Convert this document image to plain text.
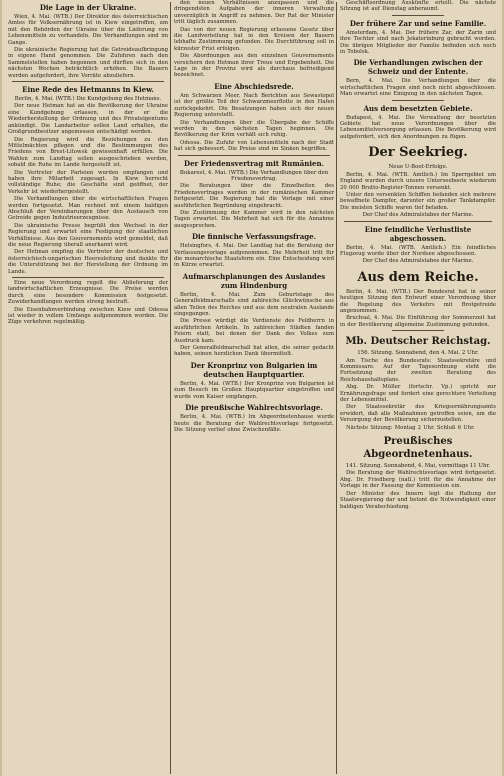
Die Lage in der Ukraine.

Wien, 4. Mai. (WTB.) Der Direktor des österreichischen Amtes für Volksernährung ist in Kiew eingetroffen, um mit den Behörden der Ukraine über die Lieferung von Lebensmitteln zu verhandeln. Die Verhandlungen sind im Gange.

Die ukrainische Regierung hat die Getreideaufbringung in eigene Hand genommen. Die Zufuhren nach den Sammelstellen haben begonnen und dürften sich in den nächsten Wochen beträchtlich erhöhen. Die Bauern werden aufgefordert, ihre Vorräte abzuliefern.

Eine Rede des Hetmanns in Kiew.
Berlin, 4. Mai. (WTB.) Die Kundgebung des Hetmans.

Der neue Hetman hat an die Bevölkerung der Ukraine eine Kundgebung erlassen, in der er die Wiederherstellung der Ordnung und des Privateigentums ankündigt. Die Landarbeiter sollen Land erhalten, die Großgrundbesitzer angemessen entschädigt werden.

Die Regierung wird die Beziehungen zu den Mittelmächten pflegen und die Bestimmungen des Friedens von Brest-Litowsk gewissenhaft erfüllen. Die Wahlen zum Landtag sollen ausgeschrieben werden, sobald die Ruhe im Lande hergestellt ist.

Die Vertreter der Parteien wurden empfangen und haben ihre Mitarbeit zugesagt. In Kiew herrscht vollständige Ruhe; die Geschäfte sind geöffnet, der Verkehr ist wiederhergestellt.

Die Verhandlungen über die wirtschaftlichen Fragen werden fortgesetzt. Man rechnet mit einem baldigen Abschluß der Vereinbarungen über den Austausch von Getreide gegen Industrieerzeugnisse.

Die ukrainische Presse begrüßt den Wechsel in der Regierung und erwartet eine Festigung der staatlichen Verhältnisse. Aus den Gouvernements wird gemeldet, daß die neue Regierung überall anerkannt wird.

Der Hetman empfing die Vertreter der deutschen und österreichisch-ungarischen Heeresleitung und dankte für die Unterstützung bei der Herstellung der Ordnung im Lande.

Eine neue Verordnung regelt die Ablieferung der landwirtschaftlichen Erzeugnisse. Die Preise werden durch eine besondere Kommission festgesetzt. Zuwiderhandlungen werden streng bestraft.

Die Eisenbahnverbindung zwischen Kiew und Odessa ist wieder in vollem Umfange aufgenommen worden. Die Züge verkehren regelmäßig.

den neuen Verhältnissen anzupassen und die dringendsten Aufgaben der inneren Verwaltung unverzüglich in Angriff zu nehmen. Der Rat der Minister tritt täglich zusammen.

Das von der neuen Regierung erlassene Gesetz über die Landverteilung hat in den Kreisen der Bauern lebhafte Zustimmung gefunden. Die Durchführung soll in kürzester Frist erfolgen.

Die Abordnungen aus den einzelnen Gouvernements versichern den Hetman ihrer Treue und Ergebenheit. Die Lage in der Provinz wird als durchaus befriedigend bezeichnet.

Eine Abschiedsrede.

Am Schwarzen Meer. Nach Berichten aus Sewastopol ist der größte Teil der Schwarzmeerflotte in den Hafen zurückgekehrt. Die Besatzungen haben sich der neuen Regierung unterstellt.

Die Verhandlungen über die Übergabe der Schiffe werden in den nächsten Tagen beginnen. Die Bevölkerung der Krim verhält sich ruhig.

Odessa. Die Zufuhr von Lebensmitteln nach der Stadt hat sich gebessert. Die Preise sind im Sinken begriffen.

Der Friedensvertrag mit Rumänien.
Bukarest, 4. Mai. (WTB.) Die Verhandlungen über den Friedensvertrag.

Die Beratungen über die Einzelheiten des Friedensvertrages werden in der rumänischen Kammer fortgesetzt. Die Regierung hat die Vorlage mit einer ausführlichen Begründung eingebracht.

Die Zustimmung der Kammer wird in den nächsten Tagen erwartet. Die Mehrheit hat sich für die Annahme ausgesprochen.

Die finnische Verfassungsfrage.

Helsingfors, 4. Mai. Der Landtag hat die Beratung der Verfassungsvorlage aufgenommen. Die Mehrheit tritt für die monarchische Staatsform ein. Eine Entscheidung wird in Kürze erwartet.

Aufmarschplanungen des Auslandes zum Hindenburg

Berlin, 4. Mai. Zum Geburtstage des Generalfeldmarschalls sind zahlreiche Glückwünsche aus allen Teilen des Reiches und aus dem neutralen Auslande eingegangen.

Die Presse würdigt die Verdienste des Feldherrn in ausführlichen Artikeln. In zahlreichen Städten fanden Feiern statt, bei denen der Dank des Volkes zum Ausdruck kam.

Der Generalfeldmarschall hat allen, die seiner gedacht haben, seinen herzlichen Dank übermittelt.

Der Kronprinz von Bulgarien im deutschen Hauptquartier.

Berlin, 4. Mai. (WTB.) Der Kronprinz von Bulgarien ist zum Besuch im Großen Hauptquartier eingetroffen und wurde vom Kaiser empfangen.

Die preußische Wahlrechtsvorlage.

Berlin, 4. Mai. (WTB.) Im Abgeordnetenhause wurde heute die Beratung der Wahlrechtsvorlage fortgesetzt. Die Sitzung verlief ohne Zwischenfälle.

Geschäftsordnung Auskünfte erteilt. Die nächste Sitzung ist auf Dienstag anberaumt.

Der frühere Zar und seine Familie.

Amsterdam, 4. Mai. Der frühere Zar, der Zarin und ihre Tochter sind nach Jekaterinburg gebracht worden. Die übrigen Mitglieder der Familie befinden sich noch in Tobolsk.

Die Verhandlungen zwischen der Schweiz und der Entente.

Bern, 4. Mai. Die Verhandlungen über die wirtschaftlichen Fragen sind noch nicht abgeschlossen. Man erwartet eine Einigung in den nächsten Tagen.

Aus dem besetzten Gebiete.

Budapest, 4. Mai. Die Verwaltung der besetzten Gebiete hat neue Verordnungen über die Lebensmittelversorgung erlassen. Die Bevölkerung wird aufgefordert, sich den Anordnungen zu fügen.

Der Seekrieg.
Neue U-Boot-Erfolge.

Berlin, 4. Mai. (WTB. Amtlich.) Im Sperrgebiet um England wurden durch unsere Unterseeboote wiederum 20 000 Brutto-Register-Tonnen versenkt.

Unter den versenkten Schiffen befanden sich mehrere bewaffnete Dampfer, darunter ein großer Tankdampfer. Die meisten Schiffe waren tief beladen.

Der Chef des Admiralstabes der Marine.
Eine feindliche Verlustliste abgeschossen.

Berlin, 4. Mai. (WTB. Amtlich.) Ein feindliches Flugzeug wurde über der Nordsee abgeschossen.

Der Chef des Admiralstabes der Marine.
Aus dem Reiche.

Berlin, 4. Mai. (WTB.) Der Bundesrat hat in seiner heutigen Sitzung den Entwurf einer Verordnung über die Regelung des Verkehrs mit Brotgetreide angenommen.

Bruchsal, 4. Mai. Die Einführung der Sommerzeit hat in der Bevölkerung allgemeine Zustimmung gefunden.

Mb. Deutscher Reichstag.
156. Sitzung. Sonnabend, den 4. Mai. 2 Uhr.

Am Tische des Bundesrats: Staatssekretäre und Kommissare. Auf der Tagesordnung steht die Fortsetzung der zweiten Beratung des Reichshaushaltsplans.

Abg. Dr. Müller (fortschr. Vp.) spricht zur Ernährungsfrage und fordert eine gerechtere Verteilung der Lebensmittel.

Der Staatssekretär des Kriegsernährungsamts erwidert, daß alle Maßnahmen getroffen seien, um die Versorgung der Bevölkerung sicherzustellen.

Nächste Sitzung: Montag 2 Uhr. Schluß 6 Uhr.

Preußisches Abgeordnetenhaus.
141. Sitzung. Sonnabend, 4. Mai, vormittags 11 Uhr.

Die Beratung der Wahlrechtsvorlage wird fortgesetzt. Abg. Dr. Friedberg (natl.) tritt für die Annahme der Vorlage in der Fassung der Kommission ein.

Der Minister des Innern legt die Haltung der Staatsregierung dar und betont die Notwendigkeit einer baldigen Verabschiedung.
